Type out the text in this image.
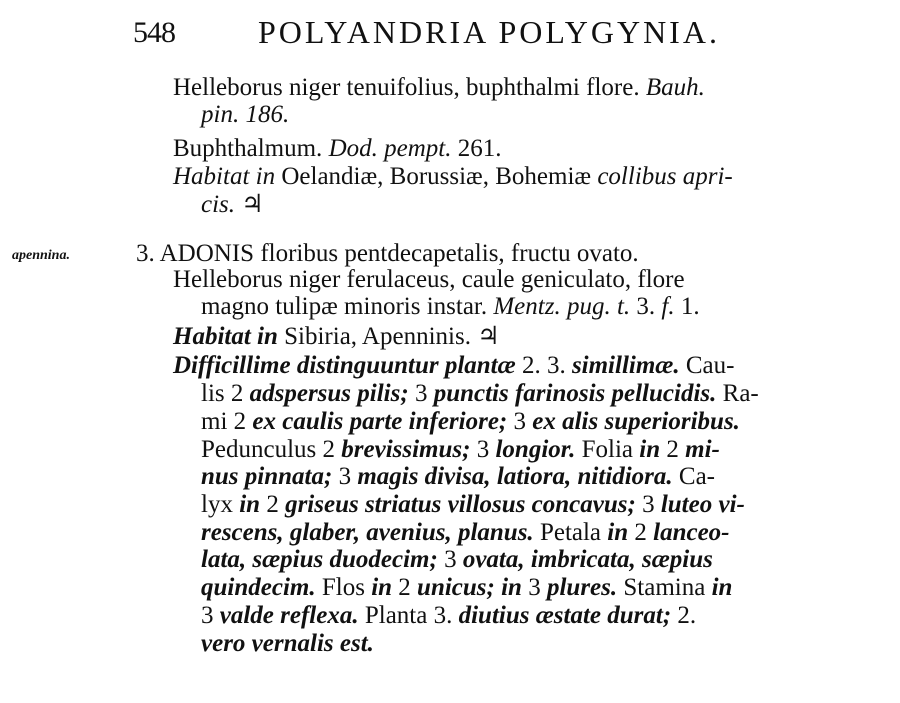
548	POLYANDRIA POLYGYNIA.
Helleborus niger tenuifolius, buphthalmi flore. Bauh.
pin. 186.
Buphthalmum. Dod. pempt. 261.
Habitat in Oelandiæ, Borussiæ, Bohemiæ collibus apri-
cis. ♃
apennina.	3. ADONIS floribus pentdecapetalis, fructu ovato.
Helleborus niger ferulaceus, caule geniculato, flore
magno tulipæ minoris instar. Mentz. pug. t. 3. f. 1.
Habitat in Sibiria, Apenninis. ♃
Difficillime distinguuntur plantæ 2. 3. simillimæ. Cau-
lis 2 adspersus pilis; 3 punctis farinosis pellucidis. Ra-
mi 2 ex caulis parte inferiore; 3 ex alis superioribus.
Pedunculus 2 brevissimus; 3 longior. Folia in 2 mi-
nus pinnata; 3 magis divisa, latiora, nitidiora. Ca-
lyx in 2 griseus striatus villosus concavus; 3 luteo vi-
rescens, glaber, avenius, planus. Petala in 2 lanceo-
lata, sæpius duodecim; 3 ovata, imbricata, sæpius
quindecim. Flos in 2 unicus; in 3 plures. Stamina in
3 valde reflexa. Planta 3. diutius æstate durat; 2.
vero vernalis est.
